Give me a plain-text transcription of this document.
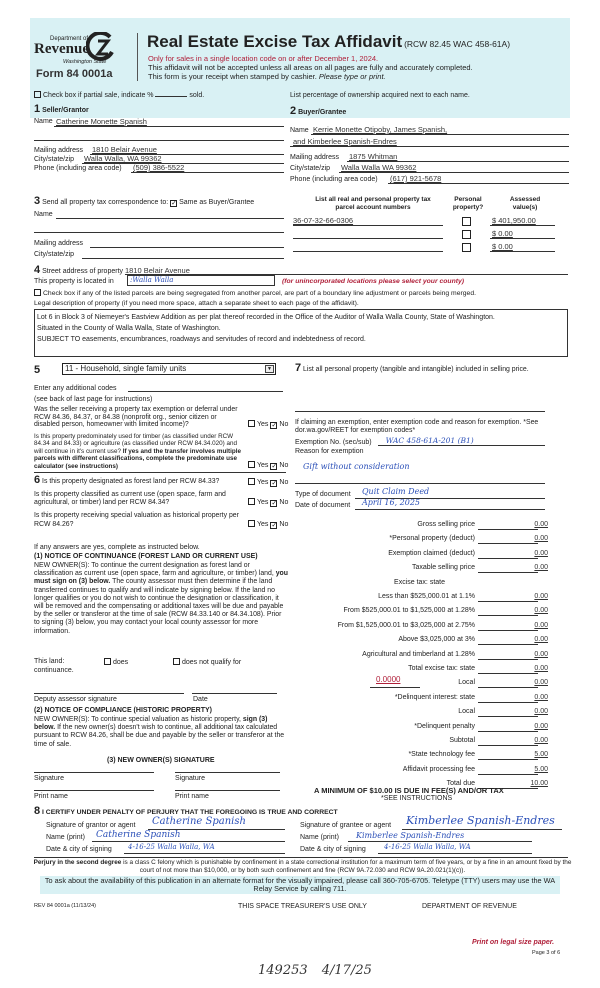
Department of
Revenue
Washington State
Form 84 0001a
Real Estate Excise Tax Affidavit (RCW 82.45 WAC 458-61A)
Only for sales in a single location code on or after December 1, 2024.
This affidavit will not be accepted unless all areas on all pages are fully and accurately completed.
This form is your receipt when stamped by cashier. Please type or print.
Check box if partial sale, indicate %	sold.	List percentage of ownership acquired next to each name.
1 Seller/Grantor
Name Catherine Monette Spanish
Mailing address 1810 Belair Avenue
City/state/zip Walla Walla, WA 99362
Phone (including area code) (509) 386-5522
2 Buyer/Grantee
Name Kerrie Monette Otipoby, James Spanish,
and Kimberlee Spanish-Endres
Mailing address 1875 Whitman
City/state/zip Walla Walla WA 99362
Phone (including area code) (617) 921-5678
3 Send all property tax correspondence to: ✓ Same as Buyer/Grantee
Name
Mailing address
City/state/zip
List all real and personal property tax
parcel account numbers
Personal
property?
Assessed
value(s)
36-07-32-66-0306	$ 401,950.00
$ 0.00
$ 0.00
4 Street address of property 1810 Belair Avenue
This property is located in	:Walla Walla	(for unincorporated locations please select your county)
Check box if any of the listed parcels are being segregated from another parcel, are part of a boundary line adjustment or parcels being merged.
Legal description of property (if you need more space, attach a separate sheet to each page of the affidavit).
Lot 6 in Block 3 of Niemeyer's Eastview Addition as per plat thereof recorded in the Office of the Auditor of Walla Walla County, State of Washington.
Situated in the County of Walla Walla, State of Washington.
SUBJECT TO easements, encumbrances, roadways and servitudes of record and indebtedness of record.
5	11 - Household, single family units	▼
Enter any additional codes
(see back of last page for instructions)
Was the seller receiving a property tax exemption or deferral under RCW 84.36, 84.37, or 84.38 (nonprofit org., senior citizen or disabled person, homeowner with limited income)?	Yes ✓ No
Is this property predominately used for timber (as classified under RCW 84.34 and 84.33) or agriculture (as classified under RCW 84.34.020) and will continue in it's current use? If yes and the transfer involves multiple parcels with different classifications, complete the predominate use calculator (see instructions)	Yes ✓ No
6 Is this property designated as forest land per RCW 84.33?	Yes ✓ No
Is this property classified as current use (open space, farm and agricultural, or timber) land per RCW 84.34?	Yes ✓ No
Is this property receiving special valuation as historical property per RCW 84.26?	Yes ✓ No
If any answers are yes, complete as instructed below.
(1) NOTICE OF CONTINUANCE (FOREST LAND OR CURRENT USE)
NEW OWNER(S): To continue the current designation as forest land or classification as current use (open space, farm and agriculture, or timber) land, you must sign on (3) below. The county assessor must then determine if the land transferred continues to qualify and will indicate by signing below. If the land no longer qualifies or you do not wish to continue the designation or classification, it will be removed and the compensating or additional taxes will be due and payable by the seller or transferor at the time of sale (RCW 84.33.140 or 84.34.108). Prior to signing (3) below, you may contact your local county assessor for more information.
This land:	does	does not qualify for
continuance.
Deputy assessor signature	Date
(2) NOTICE OF COMPLIANCE (HISTORIC PROPERTY)
NEW OWNER(S): To continue special valuation as historic property, sign (3) below. If the new owner(s) doesn't wish to continue, all additional tax calculated pursuant to RCW 84.26, shall be due and payable by the seller or transferor at the time of sale.
(3) NEW OWNER(S) SIGNATURE
Signature	Signature
Print name	Print name
7 List all personal property (tangible and intangible) included in selling price.
If claiming an exemption, enter exemption code and reason for exemption. *See dor.wa.gov/REET for exemption codes*
Exemption No. (sec/sub)	WAC 458-61A-201 (B1)
Reason for exemption
Gift without consideration
Type of document Quit Claim Deed
Date of document April 16, 2025
Gross selling price	0.00
*Personal property (deduct)	0.00
Exemption claimed (deduct)	0.00
Taxable selling price	0.00
Excise tax: state
Less than $525,000.01 at 1.1%	0.00
From $525,000.01 to $1,525,000 at 1.28%	0.00
From $1,525,000.01 to $3,025,000 at 2.75%	0.00
Above $3,025,000 at 3%	0.00
Agricultural and timberland at 1.28%	0.00
Total excise tax: state	0.00
Local	0.00
*Delinquent interest: state	0.00
Local	0.00
*Delinquent penalty	0.00
Subtotal	0.00
*State technology fee	5.00
Affidavit processing fee	5.00
Total due	10.00
0.0000
A MINIMUM OF $10.00 IS DUE IN FEE(S) AND/OR TAX
*SEE INSTRUCTIONS
8 I CERTIFY UNDER PENALTY OF PERJURY THAT THE FOREGOING IS TRUE AND CORRECT
Signature of grantor or agent Catherine Spanish
Name (print) Catherine Spanish
Date & city of signing 4-16-25 Walla Walla, WA
Signature of grantee or agent Kimberlee Spanish-Endres
Name (print) Kimberlee Spanish-Endres
Date & city of signing	4-16-25 Walla Walla, WA
Perjury in the second degree is a class C felony which is punishable by confinement in a state correctional institution for a maximum term of five years, or by a fine in an amount fixed by the court of not more than $10,000, or by both such confinement and fine (RCW 9A.72.030 and RCW 9A.20.021(1)(c)).
To ask about the availability of this publication in an alternate format for the visually impaired, please call 360-705-6705. Teletype (TTY) users may use the WA Relay Service by calling 711.
REV 84 0001a (11/13/24)	THIS SPACE TREASURER'S USE ONLY	DEPARTMENT OF REVENUE
Print on legal size paper.
Page 3 of 6
149253 4/17/25
